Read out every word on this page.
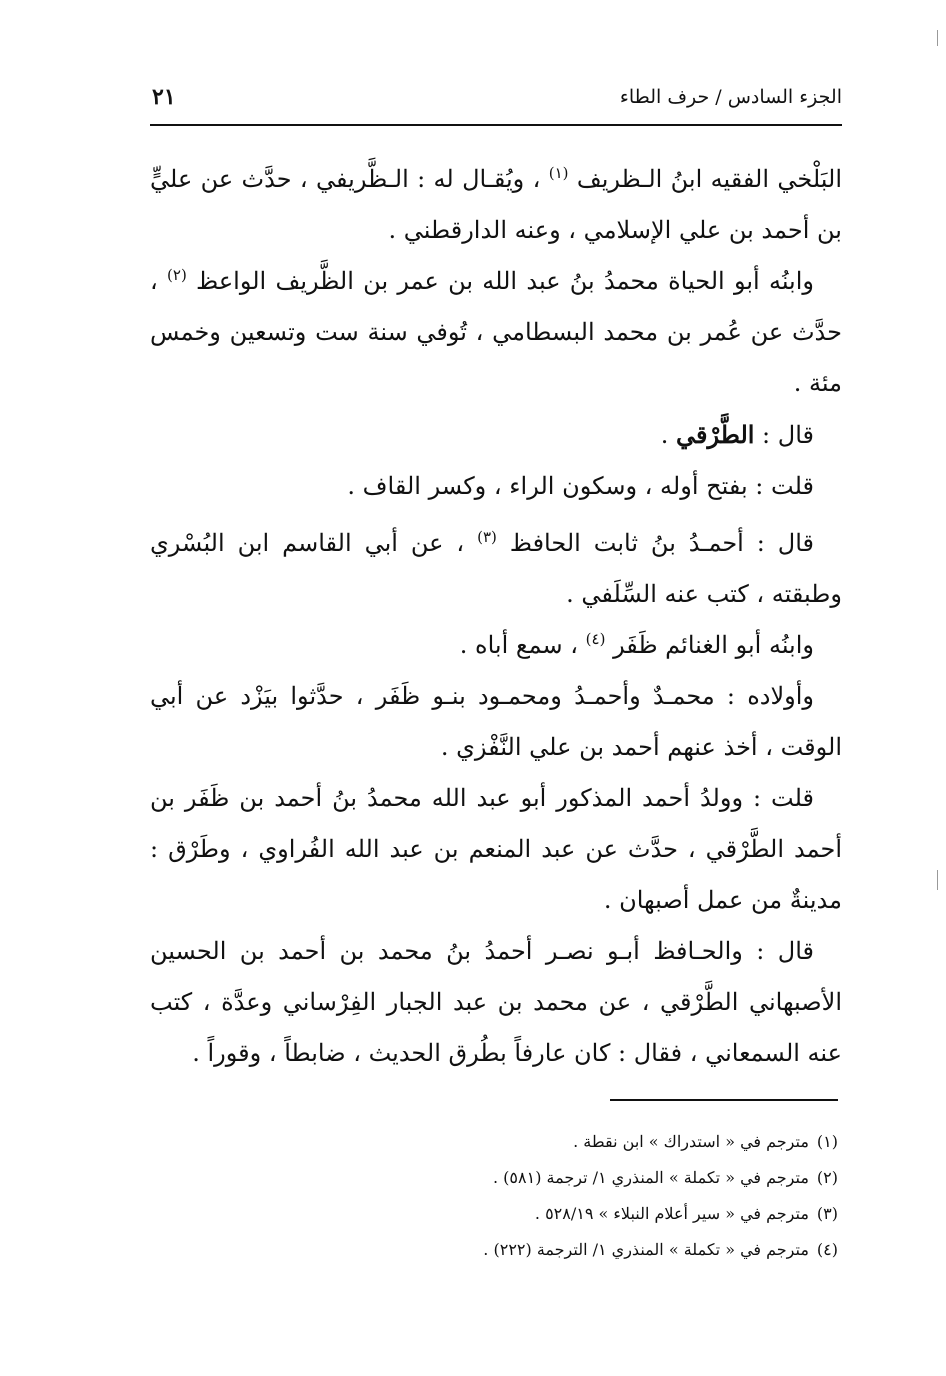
الجزء السادس / حرف الطاء
٢١

البَلْخي الفقيه ابنُ الـظريف $^{(١)}$ ، ويُقـال له : الـظَّريفي ، حدَّث عن عليٍّ بن أحمد بن علي الإسلامي ، وعنه الدارقطني .

وابنُه أبو الحياة محمدُ بنُ عبد الله بن عمر بن الظَّريف الواعظ $^{(٢)}$ ، حدَّث عن عُمر بن محمد البسطامي ، تُوفي سنة ست وتسعين وخمس مئة .

قال : الطَّرْقي .

قلت : بفتح أوله ، وسكون الراء ، وكسر القاف .

قال : أحمـدُ بنُ ثابت الحافظ $^{(٣)}$ ، عن أبي القاسم ابن البُسْري وطبقته ، كتب عنه السِّلَفي .

وابنُه أبو الغنائم ظَفَر $^{(٤)}$ ، سمع أباه .

وأولاده : محمـدٌ وأحمـدُ ومحمـود بنـو ظَفَر ، حدَّثوا بيَزْد عن أبي الوقت ، أخذ عنهم أحمد بن علي النَّفْزي .

قلت : وولدُ أحمد المذكور أبو عبد الله محمدُ بنُ أحمد بن ظَفَر بن أحمد الطَّرْقي ، حدَّث عن عبد المنعم بن عبد الله الفُراوي ، وطَرْق : مدينةٌ من عمل أصبهان .

قال : والحـافظ أبـو نصـر أحمدُ بنُ محمد بن أحمد بن الحسين الأصبهاني الطَّرْقي ، عن محمد بن عبد الجبار الفِرْساني وعدَّة ، كتب عنه السمعاني ، فقال : كان عارفاً بطُرق الحديث ، ضابطاً ، وقوراً .

(١)مترجم في « استدراك » ابن نقطة .
(٢)مترجم في « تكملة » المنذري ١/ ترجمة (٥٨١) .
(٣)مترجم في « سير أعلام النبلاء » ٥٢٨/١٩ .
(٤)مترجم في « تكملة » المنذري ١/ الترجمة (٢٢٢) .
